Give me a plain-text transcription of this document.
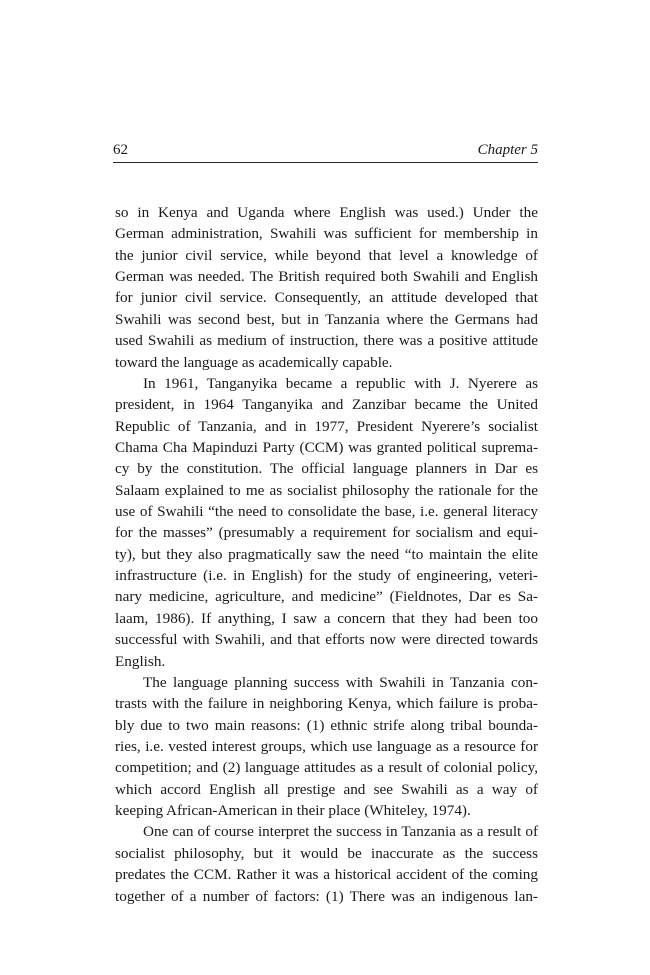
62	Chapter 5
so in Kenya and Uganda where English was used.) Under the
German administration, Swahili was sufficient for membership in
the junior civil service, while beyond that level a knowledge of
German was needed. The British required both Swahili and English
for junior civil service. Consequently, an attitude developed that
Swahili was second best, but in Tanzania where the Germans had
used Swahili as medium of instruction, there was a positive attitude
toward the language as academically capable.
In 1961, Tanganyika became a republic with J. Nyerere as
president, in 1964 Tanganyika and Zanzibar became the United
Republic of Tanzania, and in 1977, President Nyerere’s socialist
Chama Cha Mapinduzi Party (CCM) was granted political suprema-
cy by the constitution. The official language planners in Dar es
Salaam explained to me as socialist philosophy the rationale for the
use of Swahili “the need to consolidate the base, i.e. general literacy
for the masses” (presumably a requirement for socialism and equi-
ty), but they also pragmatically saw the need “to maintain the elite
infrastructure (i.e. in English) for the study of engineering, veteri-
nary medicine, agriculture, and medicine” (Fieldnotes, Dar es Sa-
laam, 1986). If anything, I saw a concern that they had been too
successful with Swahili, and that efforts now were directed towards
English.
The language planning success with Swahili in Tanzania con-
trasts with the failure in neighboring Kenya, which failure is proba-
bly due to two main reasons: (1) ethnic strife along tribal bounda-
ries, i.e. vested interest groups, which use language as a resource for
competition; and (2) language attitudes as a result of colonial policy,
which accord English all prestige and see Swahili as a way of
keeping African-American in their place (Whiteley, 1974).
One can of course interpret the success in Tanzania as a result of
socialist philosophy, but it would be inaccurate as the success
predates the CCM. Rather it was a historical accident of the coming
together of a number of factors: (1) There was an indigenous lan-
